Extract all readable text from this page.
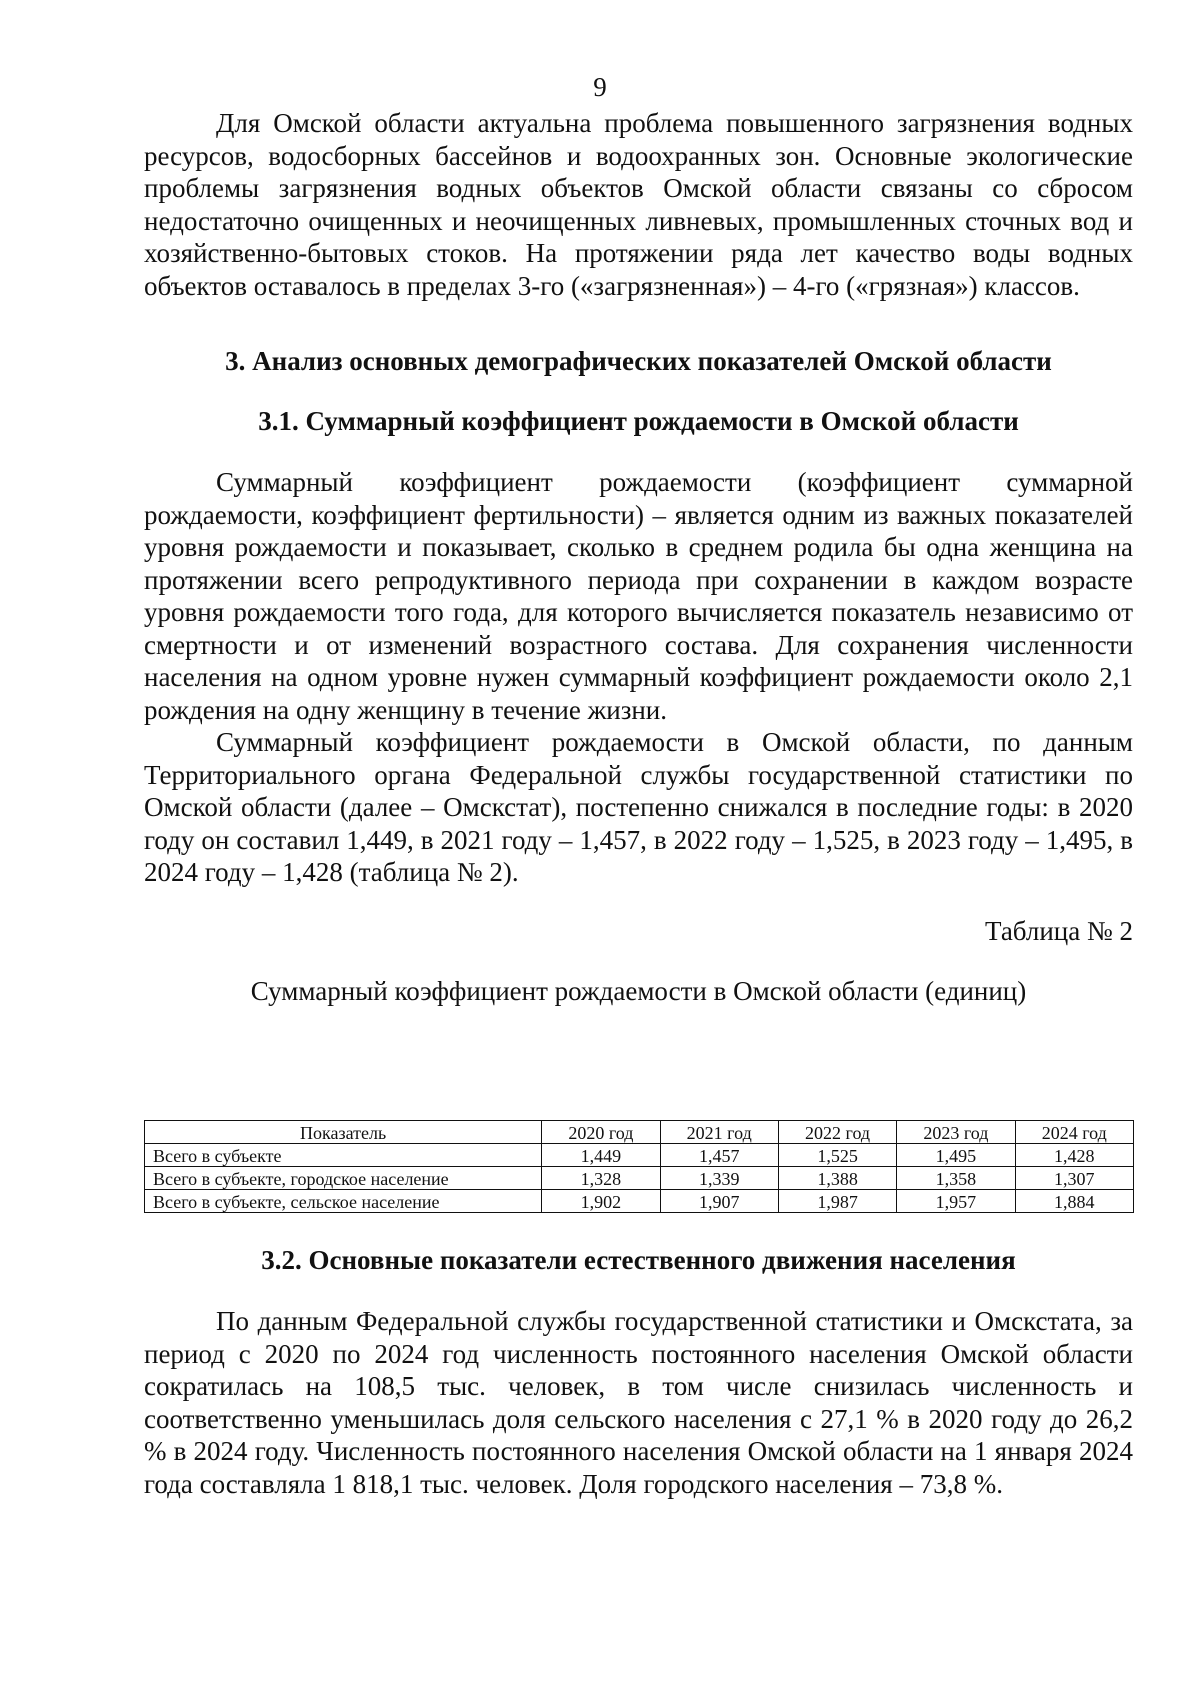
9

Для Омской области актуальна проблема повышенного загрязнения водных ресурсов, водосборных бассейнов и водоохранных зон. Основные экологические проблемы загрязнения водных объектов Омской области связаны со сбросом недостаточно очищенных и неочищенных ливневых, промышленных сточных вод и хозяйственно-бытовых стоков. На протяжении ряда лет качество воды водных объектов оставалось в пределах 3-го («загрязненная») – 4-го («грязная») классов.

3. Анализ основных демографических показателей Омской области
3.1. Суммарный коэффициент рождаемости в Омской области

Суммарный коэффициент рождаемости (коэффициент суммарной рождаемости, коэффициент фертильности) – является одним из важных показателей уровня рождаемости и показывает, сколько в среднем родила бы одна женщина на протяжении всего репродуктивного периода при сохранении в каждом возрасте уровня рождаемости того года, для которого вычисляется показатель независимо от смертности и от изменений возрастного состава. Для сохранения численности населения на одном уровне нужен суммарный коэффициент рождаемости около 2,1 рождения на одну женщину в течение жизни.

Суммарный коэффициент рождаемости в Омской области, по данным Территориального органа Федеральной службы государственной статистики по Омской области (далее – Омскстат), постепенно снижался в последние годы: в 2020 году он составил 1,449, в 2021 году – 1,457, в 2022 году – 1,525, в 2023 году – 1,495, в 2024 году – 1,428 (таблица № 2).

Таблица № 2
Суммарный коэффициент рождаемости в Омской области (единиц)
Показатель	2020 год	2021 год	2022 год	2023 год	2024 год
Всего в субъекте	1,449	1,457	1,525	1,495	1,428
Всего в субъекте, городское население	1,328	1,339	1,388	1,358	1,307
Всего в субъекте, сельское население	1,902	1,907	1,987	1,957	1,884
3.2. Основные показатели естественного движения населения

По данным Федеральной службы государственной статистики и Омскстата, за период с 2020 по 2024 год численность постоянного населения Омской области сократилась на 108,5 тыс. человек, в том числе снизилась численность и соответственно уменьшилась доля сельского населения с 27,1 % в 2020 году до 26,2 % в 2024 году. Численность постоянного населения Омской области на 1 января 2024 года составляла 1 818,1 тыс. человек. Доля городского населения – 73,8 %.
